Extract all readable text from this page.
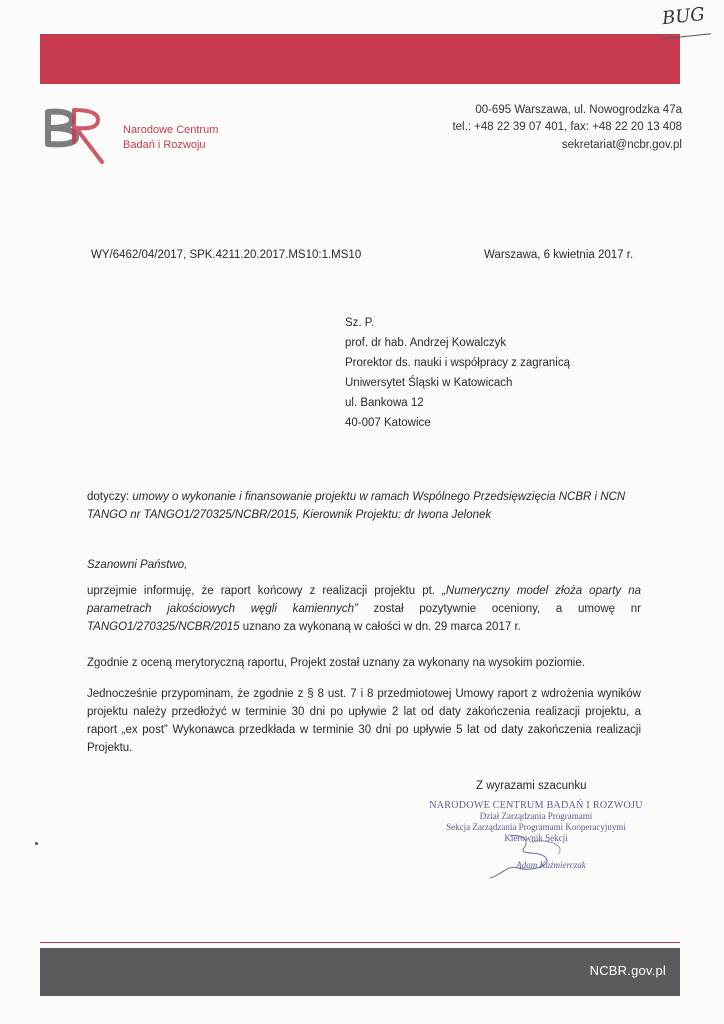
BUG
Narodowe Centrum
Badań i Rozwoju
00-695 Warszawa, ul. Nowogrodzka 47a
tel.: +48 22 39 07 401, fax: +48 22 20 13 408
sekretariat@ncbr.gov.pl
WY/6462/04/2017, SPK.4211.20.2017.MS10:1.MS10	Warszawa, 6 kwietnia 2017 r.
Sz. P.
prof. dr hab. Andrzej Kowalczyk
Prorektor ds. nauki i współpracy z zagranicą
Uniwersytet Śląski w Katowicach
ul. Bankowa 12
40-007 Katowice
dotyczy: umowy o wykonanie i finansowanie projektu w ramach Wspólnego Przedsięwzięcia NCBR i NCN TANGO nr TANGO1/270325/NCBR/2015, Kierownik Projektu: dr Iwona Jelonek
Szanowni Państwo,
uprzejmie informuję, że raport końcowy z realizacji projektu pt. „Numeryczny model złoża oparty na parametrach jakościowych węgli kamiennych” został pozytywnie oceniony, a umowę nr TANGO1/270325/NCBR/2015 uznano za wykonaną w całości w dn. 29 marca 2017 r.
Zgodnie z oceną merytoryczną raportu, Projekt został uznany za wykonany na wysokim poziomie.
Jednocześnie przypominam, że zgodnie z § 8 ust. 7 i 8 przedmiotowej Umowy raport z wdrożenia wyników projektu należy przedłożyć w terminie 30 dni po upływie 2 lat od daty zakończenia realizacji projektu, a raport „ex post” Wykonawca przedkłada w terminie 30 dni po upływie 5 lat od daty zakończenia realizacji Projektu.
Z wyrazami szacunku
NARODOWE CENTRUM BADAŃ I ROZWOJU
Dział Zarządzania Programami
Sekcja Zarządzania Programami Kooperacyjnymi
Kierownik Sekcji
Adam Kaźmierczak
NCBR.gov.pl
